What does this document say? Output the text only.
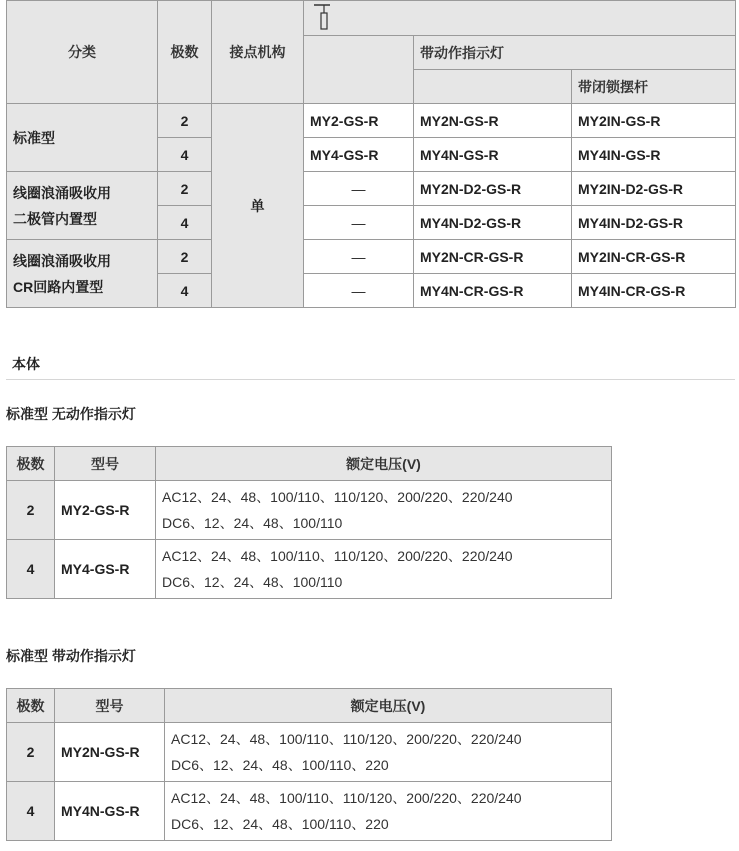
分类	极数	接点机构	

				带动作指示灯	
					带闭锁摆杆
标准型	2	单	MY2-GS-R	MY2N-GS-R	MY2IN-GS-R
	4		MY4-GS-R	MY4N-GS-R	MY4IN-GS-R
线圈浪涌吸收用
二极管内置型	2		—	MY2N-D2-GS-R	MY2IN-D2-GS-R
	4		—	MY4N-D2-GS-R	MY4IN-D2-GS-R
线圈浪涌吸收用
CR回路内置型	2		—	MY2N-CR-GS-R	MY2IN-CR-GS-R
	4		—	MY4N-CR-GS-R	MY4IN-CR-GS-R
本体
标准型 无动作指示灯
极数	型号	额定电压(V)
2	MY2-GS-R	AC12、24、48、100/110、110/120、200/220、220/240
DC6、12、24、48、100/110
4	MY4-GS-R	AC12、24、48、100/110、110/120、200/220、220/240
DC6、12、24、48、100/110
标准型 带动作指示灯
极数	型号	额定电压(V)
2	MY2N-GS-R	AC12、24、48、100/110、110/120、200/220、220/240
DC6、12、24、48、100/110、220
4	MY4N-GS-R	AC12、24、48、100/110、110/120、200/220、220/240
DC6、12、24、48、100/110、220
